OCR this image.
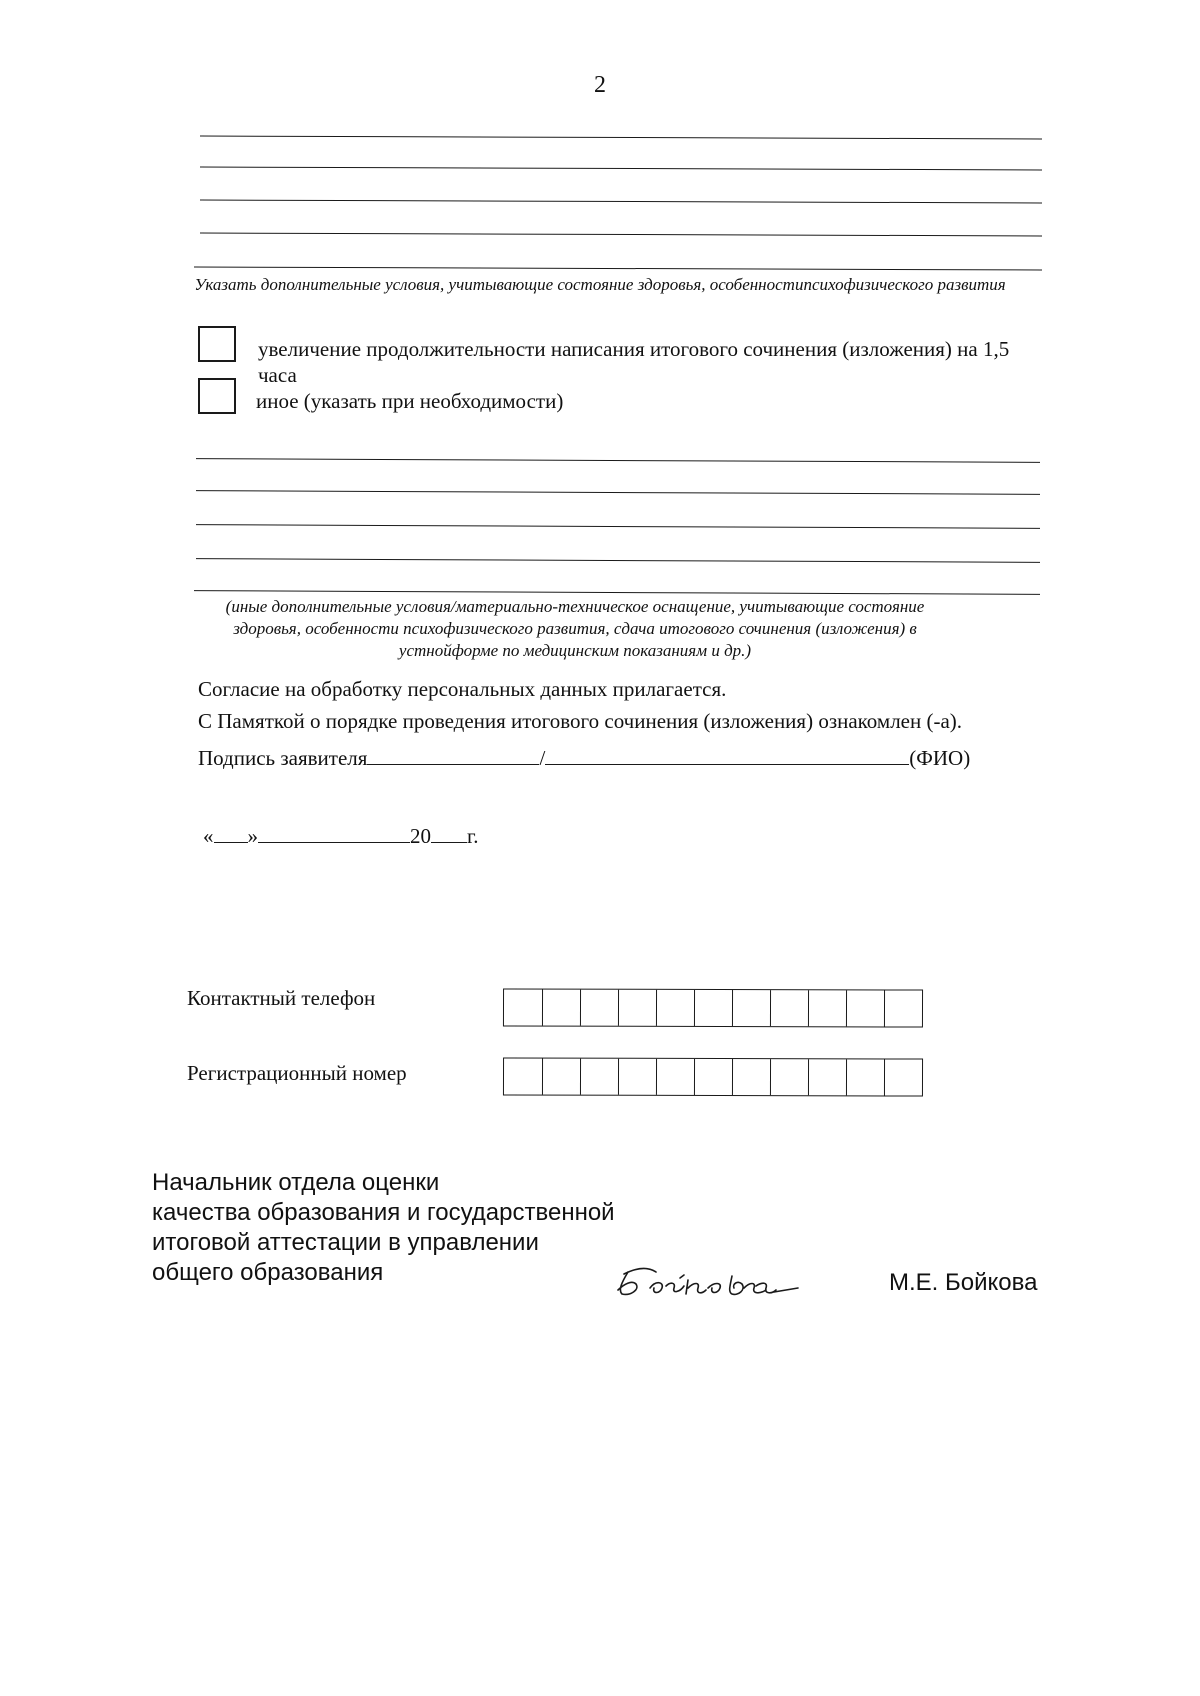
2
Указать дополнительные условия, учитывающие состояние здоровья, особенностипсихофизического развития
увеличение продолжительности написания итогового сочинения (изложения) на 1,5 часа
иное (указать при необходимости)
(иные дополнительные условия/материально-техническое оснащение, учитывающие состояние здоровья, особенности психофизического развития, сдача итогового сочинения (изложения) в устнойформе по медицинским показаниям и др.)
Согласие на обработку персональных данных прилагается.
С Памяткой о порядке проведения итогового сочинения (изложения) ознакомлен (-а).
Подпись заявителя	/	(ФИО)
« »	20 г.
Контактный телефон
Регистрационный номер
Начальник отдела оценки
качества образования и государственной
итоговой аттестации в управлении
общего образования	М.Е. Бойкова
